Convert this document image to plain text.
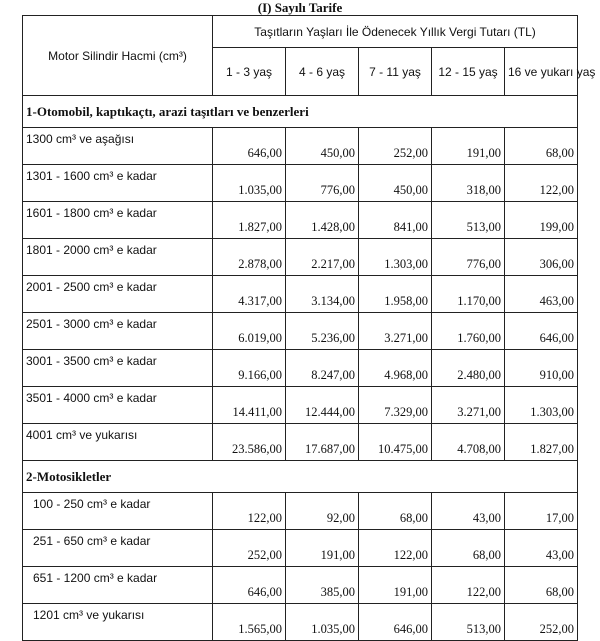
(I) Sayılı Tarife
Motor Silindir Hacmi (cm³)	Taşıtların Yaşları İle Ödenecek Yıllık Vergi Tutarı (TL)				
	1 - 3 yaş	4 - 6 yaş	7 - 11 yaş	12 - 15 yaş	16 ve yukarı yaş
1-Otomobil, kaptıkaçtı, arazi taşıtları ve benzerleri					
1300 cm³ ve aşağısı	646,00	450,00	252,00	191,00	68,00
1301 - 1600 cm³ e kadar	1.035,00	776,00	450,00	318,00	122,00
1601 - 1800 cm³ e kadar	1.827,00	1.428,00	841,00	513,00	199,00
1801 - 2000 cm³ e kadar	2.878,00	2.217,00	1.303,00	776,00	306,00
2001 - 2500 cm³ e kadar	4.317,00	3.134,00	1.958,00	1.170,00	463,00
2501 - 3000 cm³ e kadar	6.019,00	5.236,00	3.271,00	1.760,00	646,00
3001 - 3500 cm³ e kadar	9.166,00	8.247,00	4.968,00	2.480,00	910,00
3501 - 4000 cm³ e kadar	14.411,00	12.444,00	7.329,00	3.271,00	1.303,00
4001 cm³ ve yukarısı	23.586,00	17.687,00	10.475,00	4.708,00	1.827,00
2-Motosikletler					
100 - 250 cm³ e kadar	122,00	92,00	68,00	43,00	17,00
251 - 650 cm³ e kadar	252,00	191,00	122,00	68,00	43,00
651 - 1200 cm³ e kadar	646,00	385,00	191,00	122,00	68,00
1201 cm³ ve yukarısı	1.565,00	1.035,00	646,00	513,00	252,00
